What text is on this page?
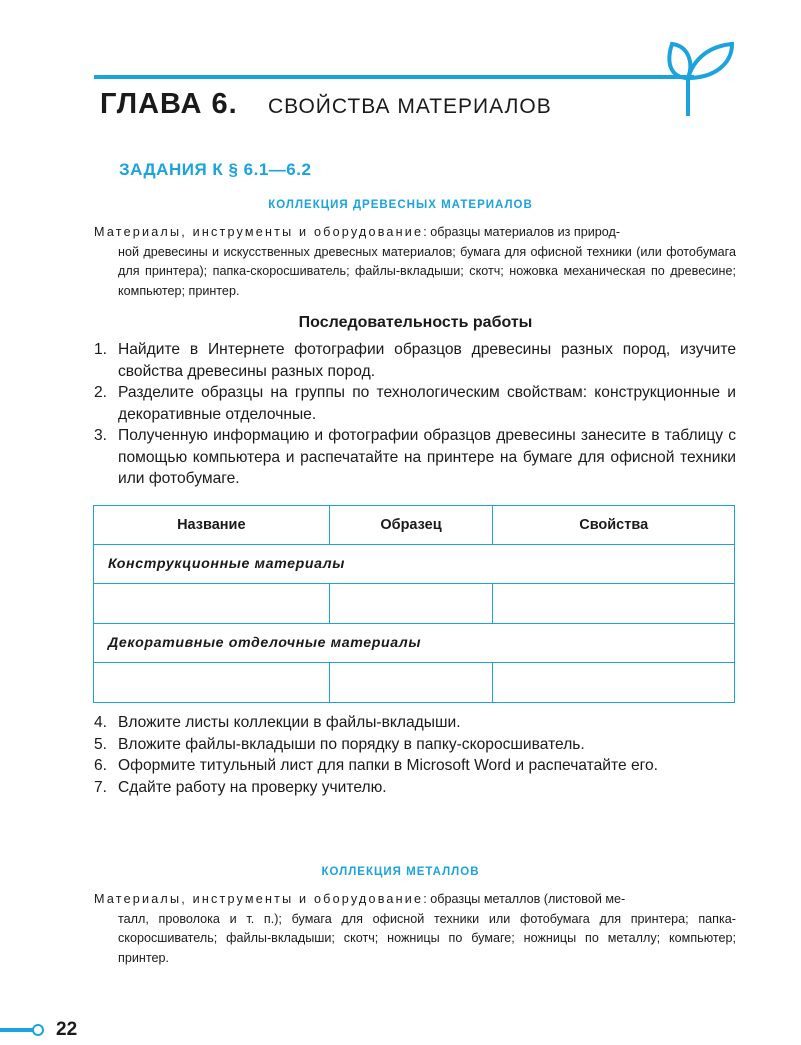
ГЛАВА 6. СВОЙСТВА МАТЕРИАЛОВ
ЗАДАНИЯ К § 6.1—6.2
КОЛЛЕКЦИЯ ДРЕВЕСНЫХ МАТЕРИАЛОВ
Материалы, инструменты и оборудование: образцы материалов из природ-
ной древесины и искусственных древесных материалов; бумага для офисной техники (или фотобумага для принтера); папка-скоросшиватель; файлы-вкладыши; скотч; ножовка механическая по древесине; компьютер; принтер.
Последовательность работы
1. Найдите в Интернете фотографии образцов древесины разных пород, изучите свойства древесины разных пород.
2. Разделите образцы на группы по технологическим свойствам: конструкционные и декоративные отделочные.
3. Полученную информацию и фотографии образцов древесины занесите в таблицу с помощью компьютера и распечатайте на принтере на бумаге для офисной техники или фотобумаге.
Название	Образец	Свойства
Конструкционные материалы		

Декоративные отделочные материалы		

4. Вложите листы коллекции в файлы-вкладыши.
5. Вложите файлы-вкладыши по порядку в папку-скоросшиватель.
6. Оформите титульный лист для папки в Microsoft Word и распечатайте его.
7. Сдайте работу на проверку учителю.
КОЛЛЕКЦИЯ МЕТАЛЛОВ
Материалы, инструменты и оборудование: образцы металлов (листовой ме-
талл, проволока и т. п.); бумага для офисной техники или фотобумага для принтера; папка-скоросшиватель; файлы-вкладыши; скотч; ножницы по бумаге; ножницы по металлу; компьютер; принтер.
22
